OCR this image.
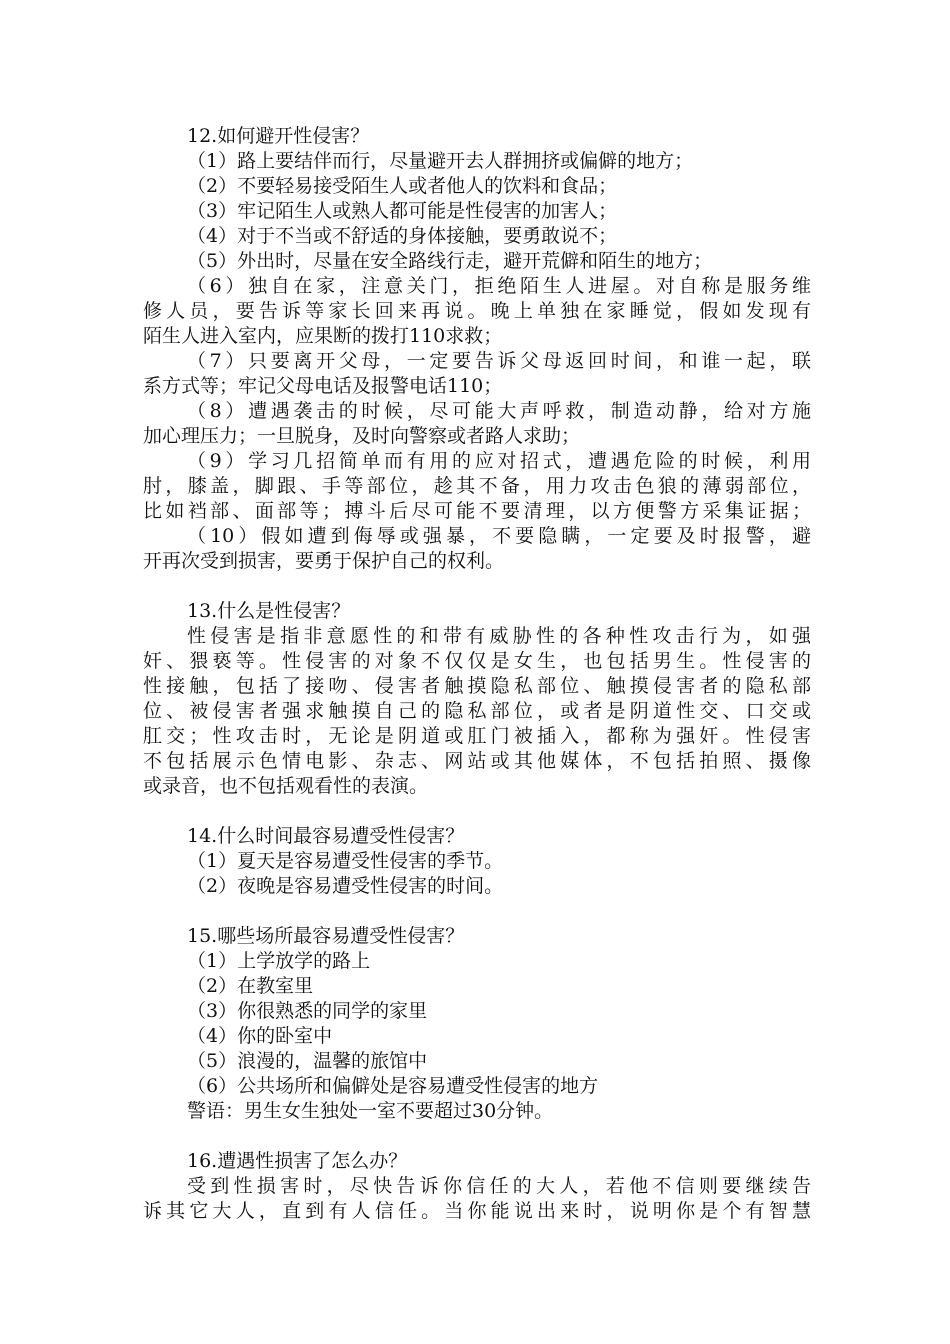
12.如何避开性侵害？
（1）路上要结伴而行，尽量避开去人群拥挤或偏僻的地方；
（2）不要轻易接受陌生人或者他人的饮料和食品；
（3）牢记陌生人或熟人都可能是性侵害的加害人；
（4）对于不当或不舒适的身体接触，要勇敢说不；
（5）外出时，尽量在安全路线行走，避开荒僻和陌生的地方；
（6）独自在家，注意关门，拒绝陌生人进屋。对自称是服务维
修人员，要告诉等家长回来再说。晚上单独在家睡觉，假如发现有
陌生人进入室内，应果断的拨打110求救；
（7）只要离开父母，一定要告诉父母返回时间，和谁一起，联
系方式等；牢记父母电话及报警电话110；
（8）遭遇袭击的时候，尽可能大声呼救，制造动静，给对方施
加心理压力；一旦脱身，及时向警察或者路人求助；
（9）学习几招简单而有用的应对招式，遭遇危险的时候，利用
肘，膝盖，脚跟、手等部位，趁其不备，用力攻击色狼的薄弱部位，
比如裆部、面部等；搏斗后尽可能不要清理，以方便警方采集证据；
（10）假如遭到侮辱或强暴，不要隐瞒，一定要及时报警，避
开再次受到损害，要勇于保护自己的权利。
13.什么是性侵害？
性侵害是指非意愿性的和带有威胁性的各种性攻击行为，如强
奸、猥亵等。性侵害的对象不仅仅是女生，也包括男生。性侵害的
性接触，包括了接吻、侵害者触摸隐私部位、触摸侵害者的隐私部
位、被侵害者强求触摸自己的隐私部位，或者是阴道性交、口交或
肛交；性攻击时，无论是阴道或肛门被插入，都称为强奸。性侵害
不包括展示色情电影、杂志、网站或其他媒体，不包括拍照、摄像
或录音，也不包括观看性的表演。
14.什么时间最容易遭受性侵害？
（1）夏天是容易遭受性侵害的季节。
（2）夜晚是容易遭受性侵害的时间。
15.哪些场所最容易遭受性侵害？
（1）上学放学的路上
（2）在教室里
（3）你很熟悉的同学的家里
（4）你的卧室中
（5）浪漫的，温馨的旅馆中
（6）公共场所和偏僻处是容易遭受性侵害的地方
警语：男生女生独处一室不要超过30分钟。
16.遭遇性损害了怎么办？
受到性损害时，尽快告诉你信任的大人，若他不信则要继续告
诉其它大人，直到有人信任。当你能说出来时，说明你是个有智慧
